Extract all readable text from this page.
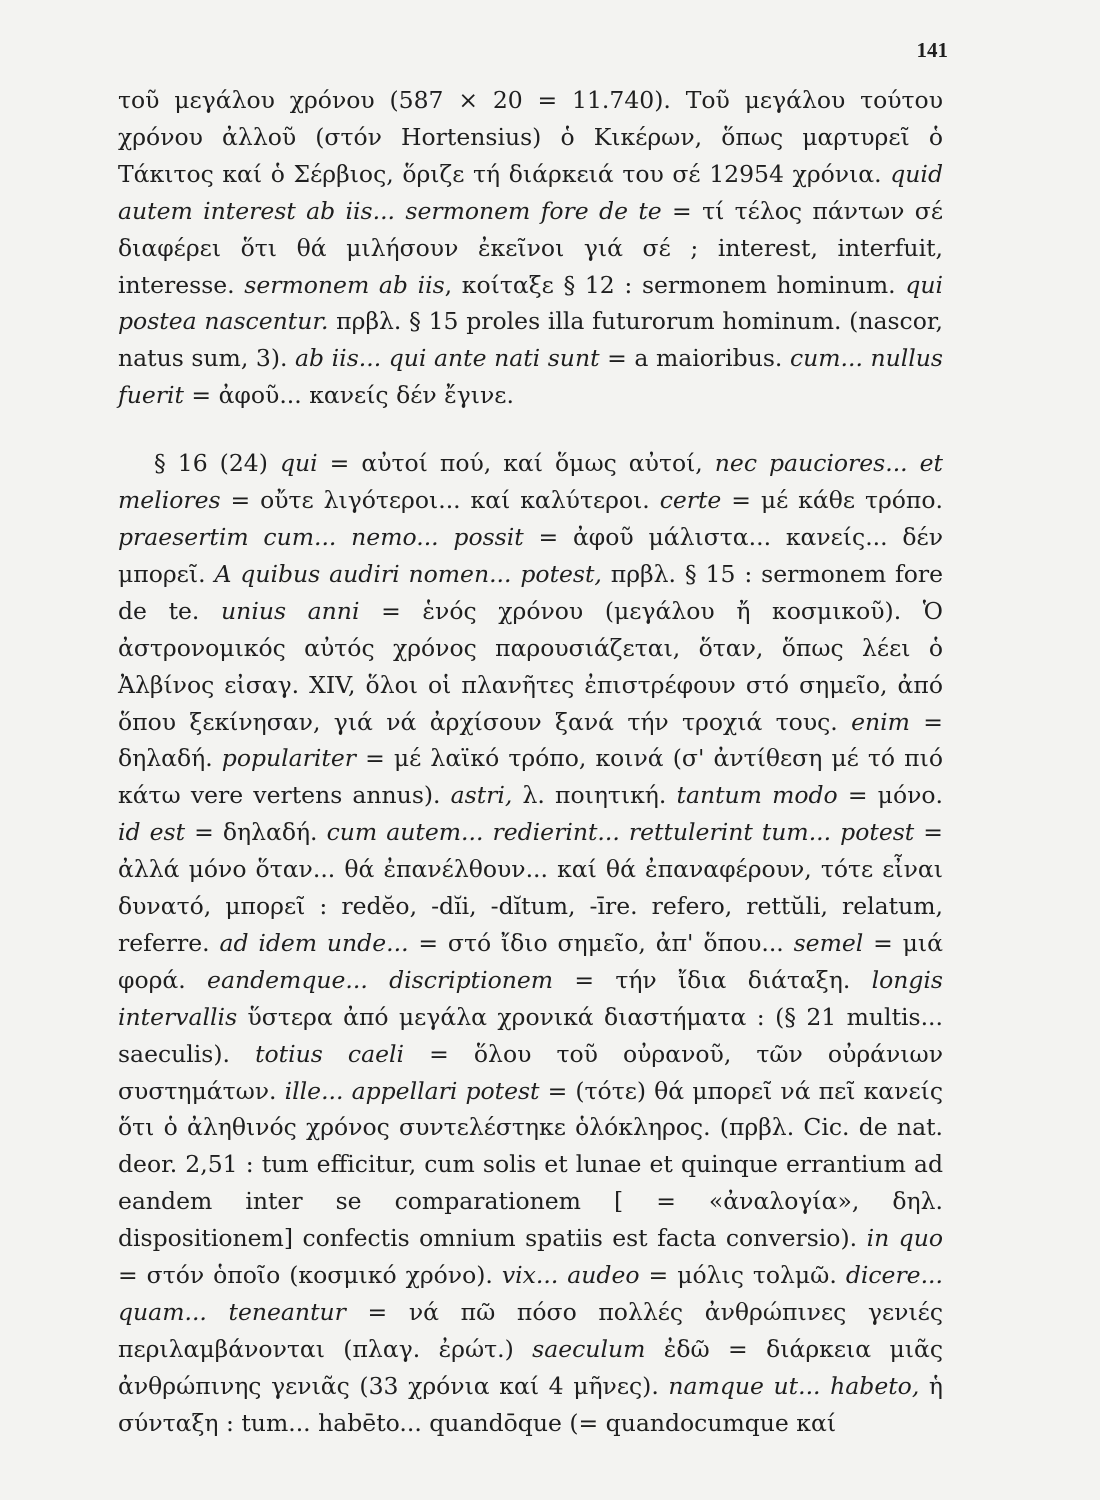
141

τοῦ μεγάλου χρόνου (587 × 20 = 11.740). Τοῦ μεγάλου τούτου χρόνου ἀλλοῦ (στόν Hortensius) ὁ Κικέρων, ὅπως μαρτυρεῖ ὁ Τάκιτος καί ὁ Σέρβιος, ὅριζε τή διάρκειά του σέ 12954 χρόνια. quid autem interest ab iis... sermonem fore de te = τί τέλος πάντων σέ διαφέρει ὅτι θά μιλήσουν ἐκεῖνοι γιά σέ ; interest, interfuit, interesse. sermonem ab iis, κοίταξε § 12 : sermonem hominum. qui postea nascentur. πρβλ. § 15 proles illa futurorum hominum. (nascor, natus sum, 3). ab iis... qui ante nati sunt = a maioribus. cum... nullus fuerit = ἀφοῦ... κανείς δέν ἔγινε.

§ 16 (24) qui = αὐτοί πού, καί ὅμως αὐτοί, nec pauciores... et meliores = οὔτε λιγότεροι... καί καλύτεροι. certe = μέ κάθε τρόπο. praesertim cum... nemo... possit = ἀφοῦ μάλιστα... κανείς... δέν μπορεῖ. A quibus audiri nomen... potest, πρβλ. § 15 : sermonem fore de te. unius anni = ἑνός χρόνου (μεγάλου ἤ κοσμικοῦ). Ὁ ἀστρονομικός αὐτός χρόνος παρουσιάζεται, ὅταν, ὅπως λέει ὁ Ἀλβίνος εἰσαγ. XIV, ὅλοι οἱ πλανῆτες ἐπιστρέφουν στό σημεῖο, ἀπό ὅπου ξεκίνησαν, γιά νά ἀρχίσουν ξανά τήν τροχιά τους. enim = δηλαδή. populariter = μέ λαϊκό τρόπο, κοινά (σ' ἀντίθεση μέ τό πιό κάτω vere vertens annus). astri, λ. ποιητική. tantum modo = μόνο. id est = δηλαδή. cum autem... redierint... rettulerint tum... potest = ἀλλά μόνο ὅταν... θά ἐπανέλθουν... καί θά ἐπαναφέρουν, τότε εἶναι δυνατό, μπορεῖ : redĕo, -dĭi, -dĭtum, -īre. refero, rettŭli, relatum, referre. ad idem unde... = στό ἴδιο σημεῖο, ἀπ' ὅπου... semel = μιά φορά. eandemque... discriptionem = τήν ἴδια διάταξη. longis intervallis ὕστερα ἀπό μεγάλα χρονικά διαστήματα : (§ 21 multis... saeculis). totius caeli = ὅλου τοῦ οὐρανοῦ, τῶν οὐράνιων συστημάτων. ille... appellari potest = (τότε) θά μπορεῖ νά πεῖ κανείς ὅτι ὁ ἀληθινός χρόνος συντελέστηκε ὁλόκληρος. (πρβλ. Cic. de nat. deor. 2,51 : tum efficitur, cum solis et lunae et quinque errantium ad eandem inter se comparationem [ = «ἀναλογία», δηλ. dispositionem] confectis omnium spatiis est facta conversio). in quo = στόν ὁποῖο (κοσμικό χρόνο). vix... audeo = μόλις τολμῶ. dicere... quam... teneantur = νά πῶ πόσο πολλές ἀνθρώπινες γενιές περιλαμβάνονται (πλαγ. ἐρώτ.) saeculum ἐδῶ = διάρκεια μιᾶς ἀνθρώπινης γενιᾶς (33 χρόνια καί 4 μῆνες). namque ut... habeto, ἡ σύνταξη : tum... habēto... quandōque (= quandocumque καί
